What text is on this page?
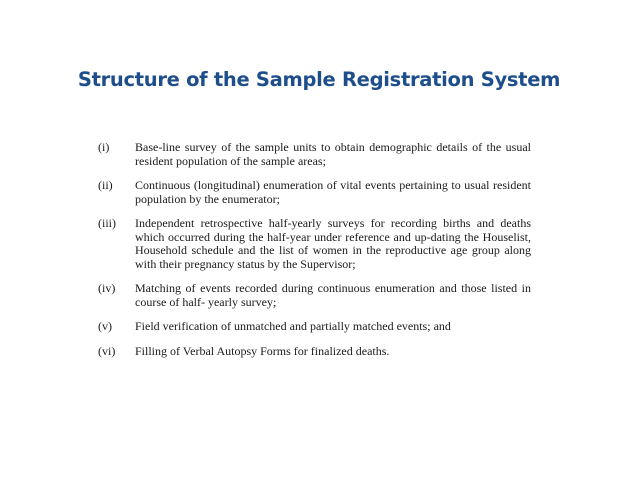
Structure of the Sample Registration System
(i)	Base-line survey of the sample units to obtain demographic details of the usual resident population of the sample areas;
(ii)	Continuous (longitudinal) enumeration of vital events pertaining to usual resident population by the enumerator;
(iii)	Independent retrospective half-yearly surveys for recording births and deaths which occurred during the half-year under reference and up-dating the Houselist, Household schedule and the list of women in the reproductive age group along with their pregnancy status by the Supervisor;
(iv)	Matching of events recorded during continuous enumeration and those listed in course of half- yearly survey;
(v)	Field verification of unmatched and partially matched events; and
(vi)	Filling of Verbal Autopsy Forms for finalized deaths.
